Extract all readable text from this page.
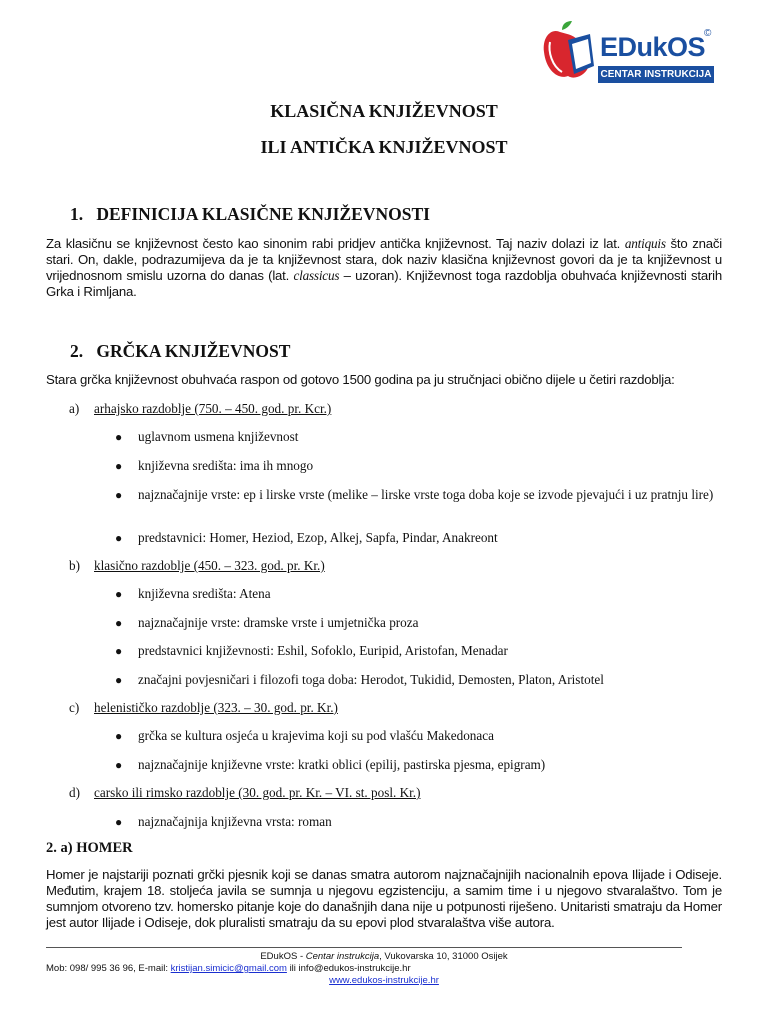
EDukOS
©
CENTAR INSTRUKCIJA
KLASIČNA KNJIŽEVNOST
ILI ANTIČKA KNJIŽEVNOST
1. DEFINICIJA KLASIČNE KNJIŽEVNOSTI
Za klasičnu se književnost često kao sinonim rabi pridjev antička književnost. Taj naziv dolazi iz lat. antiquis što znači stari. On, dakle, podrazumijeva da je ta književnost stara, dok naziv klasična književnost govori da je ta književnost u vrijednosnom smislu uzorna do danas (lat. classicus – uzoran). Književnost toga razdoblja obuhvaća književnosti starih Grka i Rimljana.
2. GRČKA KNJIŽEVNOST
Stara grčka književnost obuhvaća raspon od gotovo 1500 godina pa ju stručnjaci obično dijele u četiri razdoblja:
a) arhajsko razdoblje (750. – 450. god. pr. Kcr.)
● uglavnom usmena književnost
● književna središta: ima ih mnogo
● najznačajnije vrste: ep i lirske vrste (melike – lirske vrste toga doba koje se izvode pjevajući i uz pratnju lire)
● predstavnici: Homer, Heziod, Ezop, Alkej, Sapfa, Pindar, Anakreont
b) klasično razdoblje (450. – 323. god. pr. Kr.)
● književna središta: Atena
● najznačajnije vrste: dramske vrste i umjetnička proza
● predstavnici književnosti: Eshil, Sofoklo, Euripid, Aristofan, Menadar
● značajni povjesničari i filozofi toga doba: Herodot, Tukidid, Demosten, Platon, Aristotel
c) helenističko razdoblje (323. – 30. god. pr. Kr.)
● grčka se kultura osjeća u krajevima koji su pod vlašću Makedonaca
● najznačajnije književne vrste: kratki oblici (epilij, pastirska pjesma, epigram)
d) carsko ili rimsko razdoblje (30. god. pr. Kr. – VI. st. posl. Kr.)
● najznačajnija književna vrsta: roman
2. a) HOMER
Homer je najstariji poznati grčki pjesnik koji se danas smatra autorom najznačajnijih nacionalnih epova Ilijade i Odiseje. Međutim, krajem 18. stoljeća javila se sumnja u njegovu egzistenciju, a samim time i u njegovo stvaralaštvo. Tom je sumnjom otvoreno tzv. homersko pitanje koje do današnjih dana nije u potpunosti riješeno. Unitaristi smatraju da Homer jest autor Ilijade i Odiseje, dok pluralisti smatraju da su epovi plod stvaralaštva više autora.
EDukOS - Centar instrukcija, Vukovarska 10, 31000 Osijek
Mob: 098/ 995 36 96, E-mail: kristijan.simicic@gmail.com ili info@edukos-instrukcije.hr
www.edukos-instrukcije.hr
